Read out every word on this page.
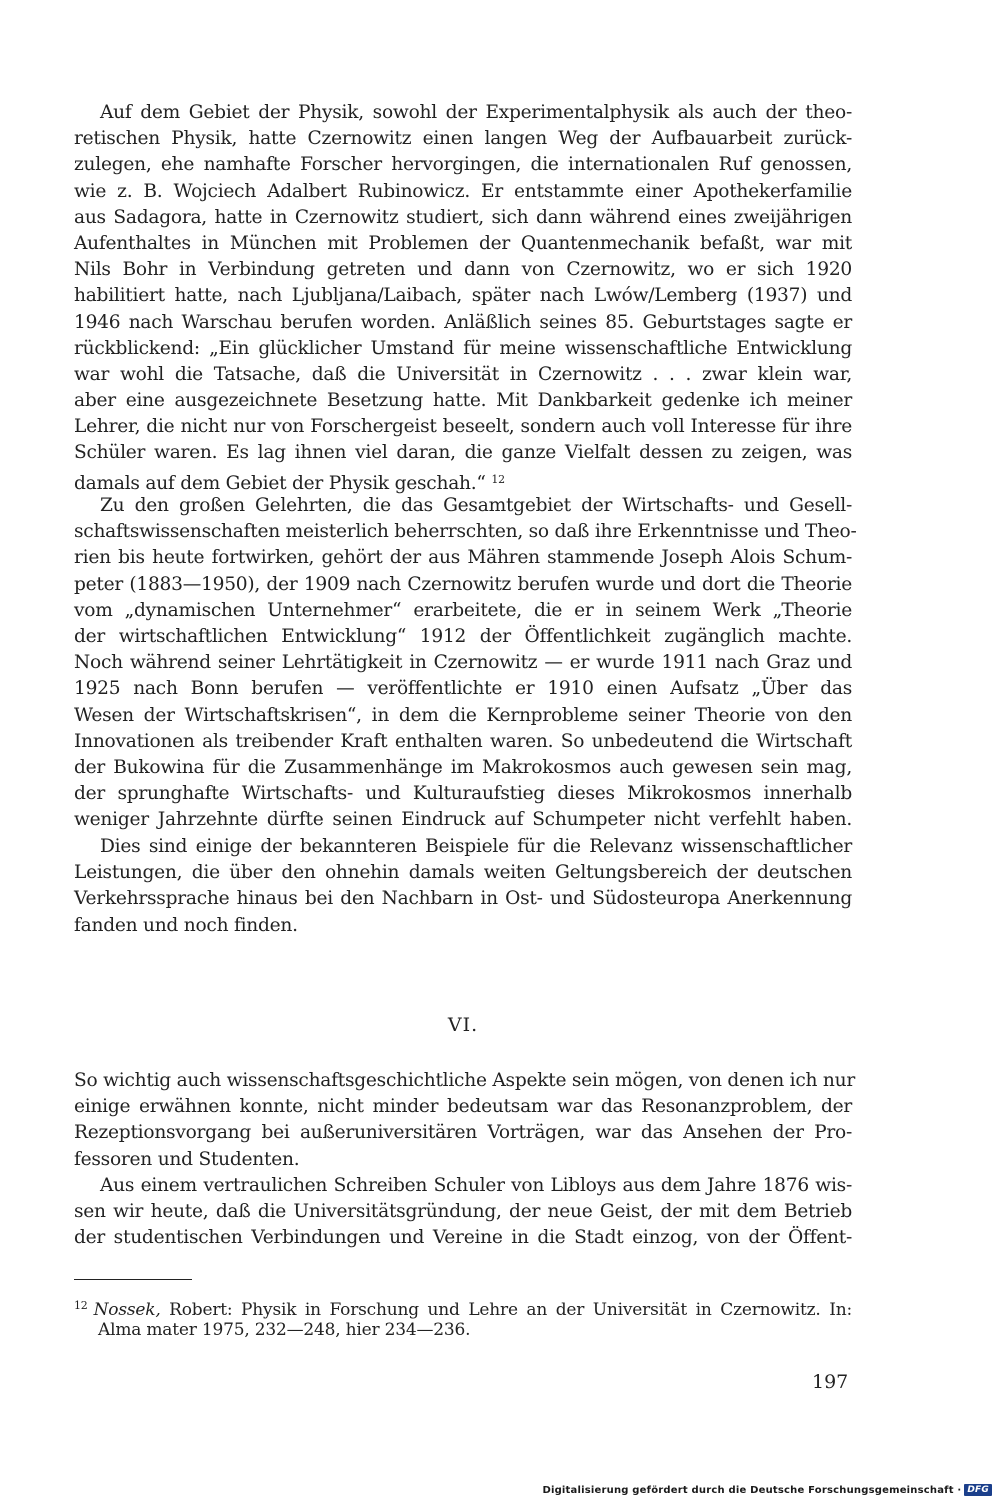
Auf dem Gebiet der Physik, sowohl der Experimentalphysik als auch der theo-
retischen Physik, hatte Czernowitz einen langen Weg der Aufbauarbeit zurück-
zulegen, ehe namhafte Forscher hervorgingen, die internationalen Ruf genossen,
wie z. B. Wojciech Adalbert Rubinowicz. Er entstammte einer Apothekerfamilie
aus Sadagora, hatte in Czernowitz studiert, sich dann während eines zweijährigen
Aufenthaltes in München mit Problemen der Quantenmechanik befaßt, war mit
Nils Bohr in Verbindung getreten und dann von Czernowitz, wo er sich 1920
habilitiert hatte, nach Ljubljana/Laibach, später nach Lwów/Lemberg (1937) und
1946 nach Warschau berufen worden. Anläßlich seines 85. Geburtstages sagte er
rückblickend: „Ein glücklicher Umstand für meine wissenschaftliche Entwicklung
war wohl die Tatsache, daß die Universität in Czernowitz . . . zwar klein war,
aber eine ausgezeichnete Besetzung hatte. Mit Dankbarkeit gedenke ich meiner
Lehrer, die nicht nur von Forschergeist beseelt, sondern auch voll Interesse für ihre
Schüler waren. Es lag ihnen viel daran, die ganze Vielfalt dessen zu zeigen, was
damals auf dem Gebiet der Physik geschah.“ $^{12}$
Zu den großen Gelehrten, die das Gesamtgebiet der Wirtschafts- und Gesell-
schaftswissenschaften meisterlich beherrschten, so daß ihre Erkenntnisse und Theo-
rien bis heute fortwirken, gehört der aus Mähren stammende Joseph Alois Schum-
peter (1883—1950), der 1909 nach Czernowitz berufen wurde und dort die Theorie
vom „dynamischen Unternehmer“ erarbeitete, die er in seinem Werk „Theorie
der wirtschaftlichen Entwicklung“ 1912 der Öffentlichkeit zugänglich machte.
Noch während seiner Lehrtätigkeit in Czernowitz — er wurde 1911 nach Graz und
1925 nach Bonn berufen — veröffentlichte er 1910 einen Aufsatz „Über das
Wesen der Wirtschaftskrisen“, in dem die Kernprobleme seiner Theorie von den
Innovationen als treibender Kraft enthalten waren. So unbedeutend die Wirtschaft
der Bukowina für die Zusammenhänge im Makrokosmos auch gewesen sein mag,
der sprunghafte Wirtschafts- und Kulturaufstieg dieses Mikrokosmos innerhalb
weniger Jahrzehnte dürfte seinen Eindruck auf Schumpeter nicht verfehlt haben.
Dies sind einige der bekannteren Beispiele für die Relevanz wissenschaftlicher
Leistungen, die über den ohnehin damals weiten Geltungsbereich der deutschen
Verkehrssprache hinaus bei den Nachbarn in Ost- und Südosteuropa Anerkennung
fanden und noch finden.
VI.
So wichtig auch wissenschaftsgeschichtliche Aspekte sein mögen, von denen ich nur
einige erwähnen konnte, nicht minder bedeutsam war das Resonanzproblem, der
Rezeptionsvorgang bei außeruniversitären Vorträgen, war das Ansehen der Pro-
fessoren und Studenten.
Aus einem vertraulichen Schreiben Schuler von Libloys aus dem Jahre 1876 wis-
sen wir heute, daß die Universitätsgründung, der neue Geist, der mit dem Betrieb
der studentischen Verbindungen und Vereine in die Stadt einzog, von der Öffent-
$^{12}$ Nossek, Robert: Physik in Forschung und Lehre an der Universität in Czernowitz. In:
Alma mater 1975, 232—248, hier 234—236.
197
Digitalisierung gefördert durch die Deutsche Forschungsgemeinschaft · DFG
